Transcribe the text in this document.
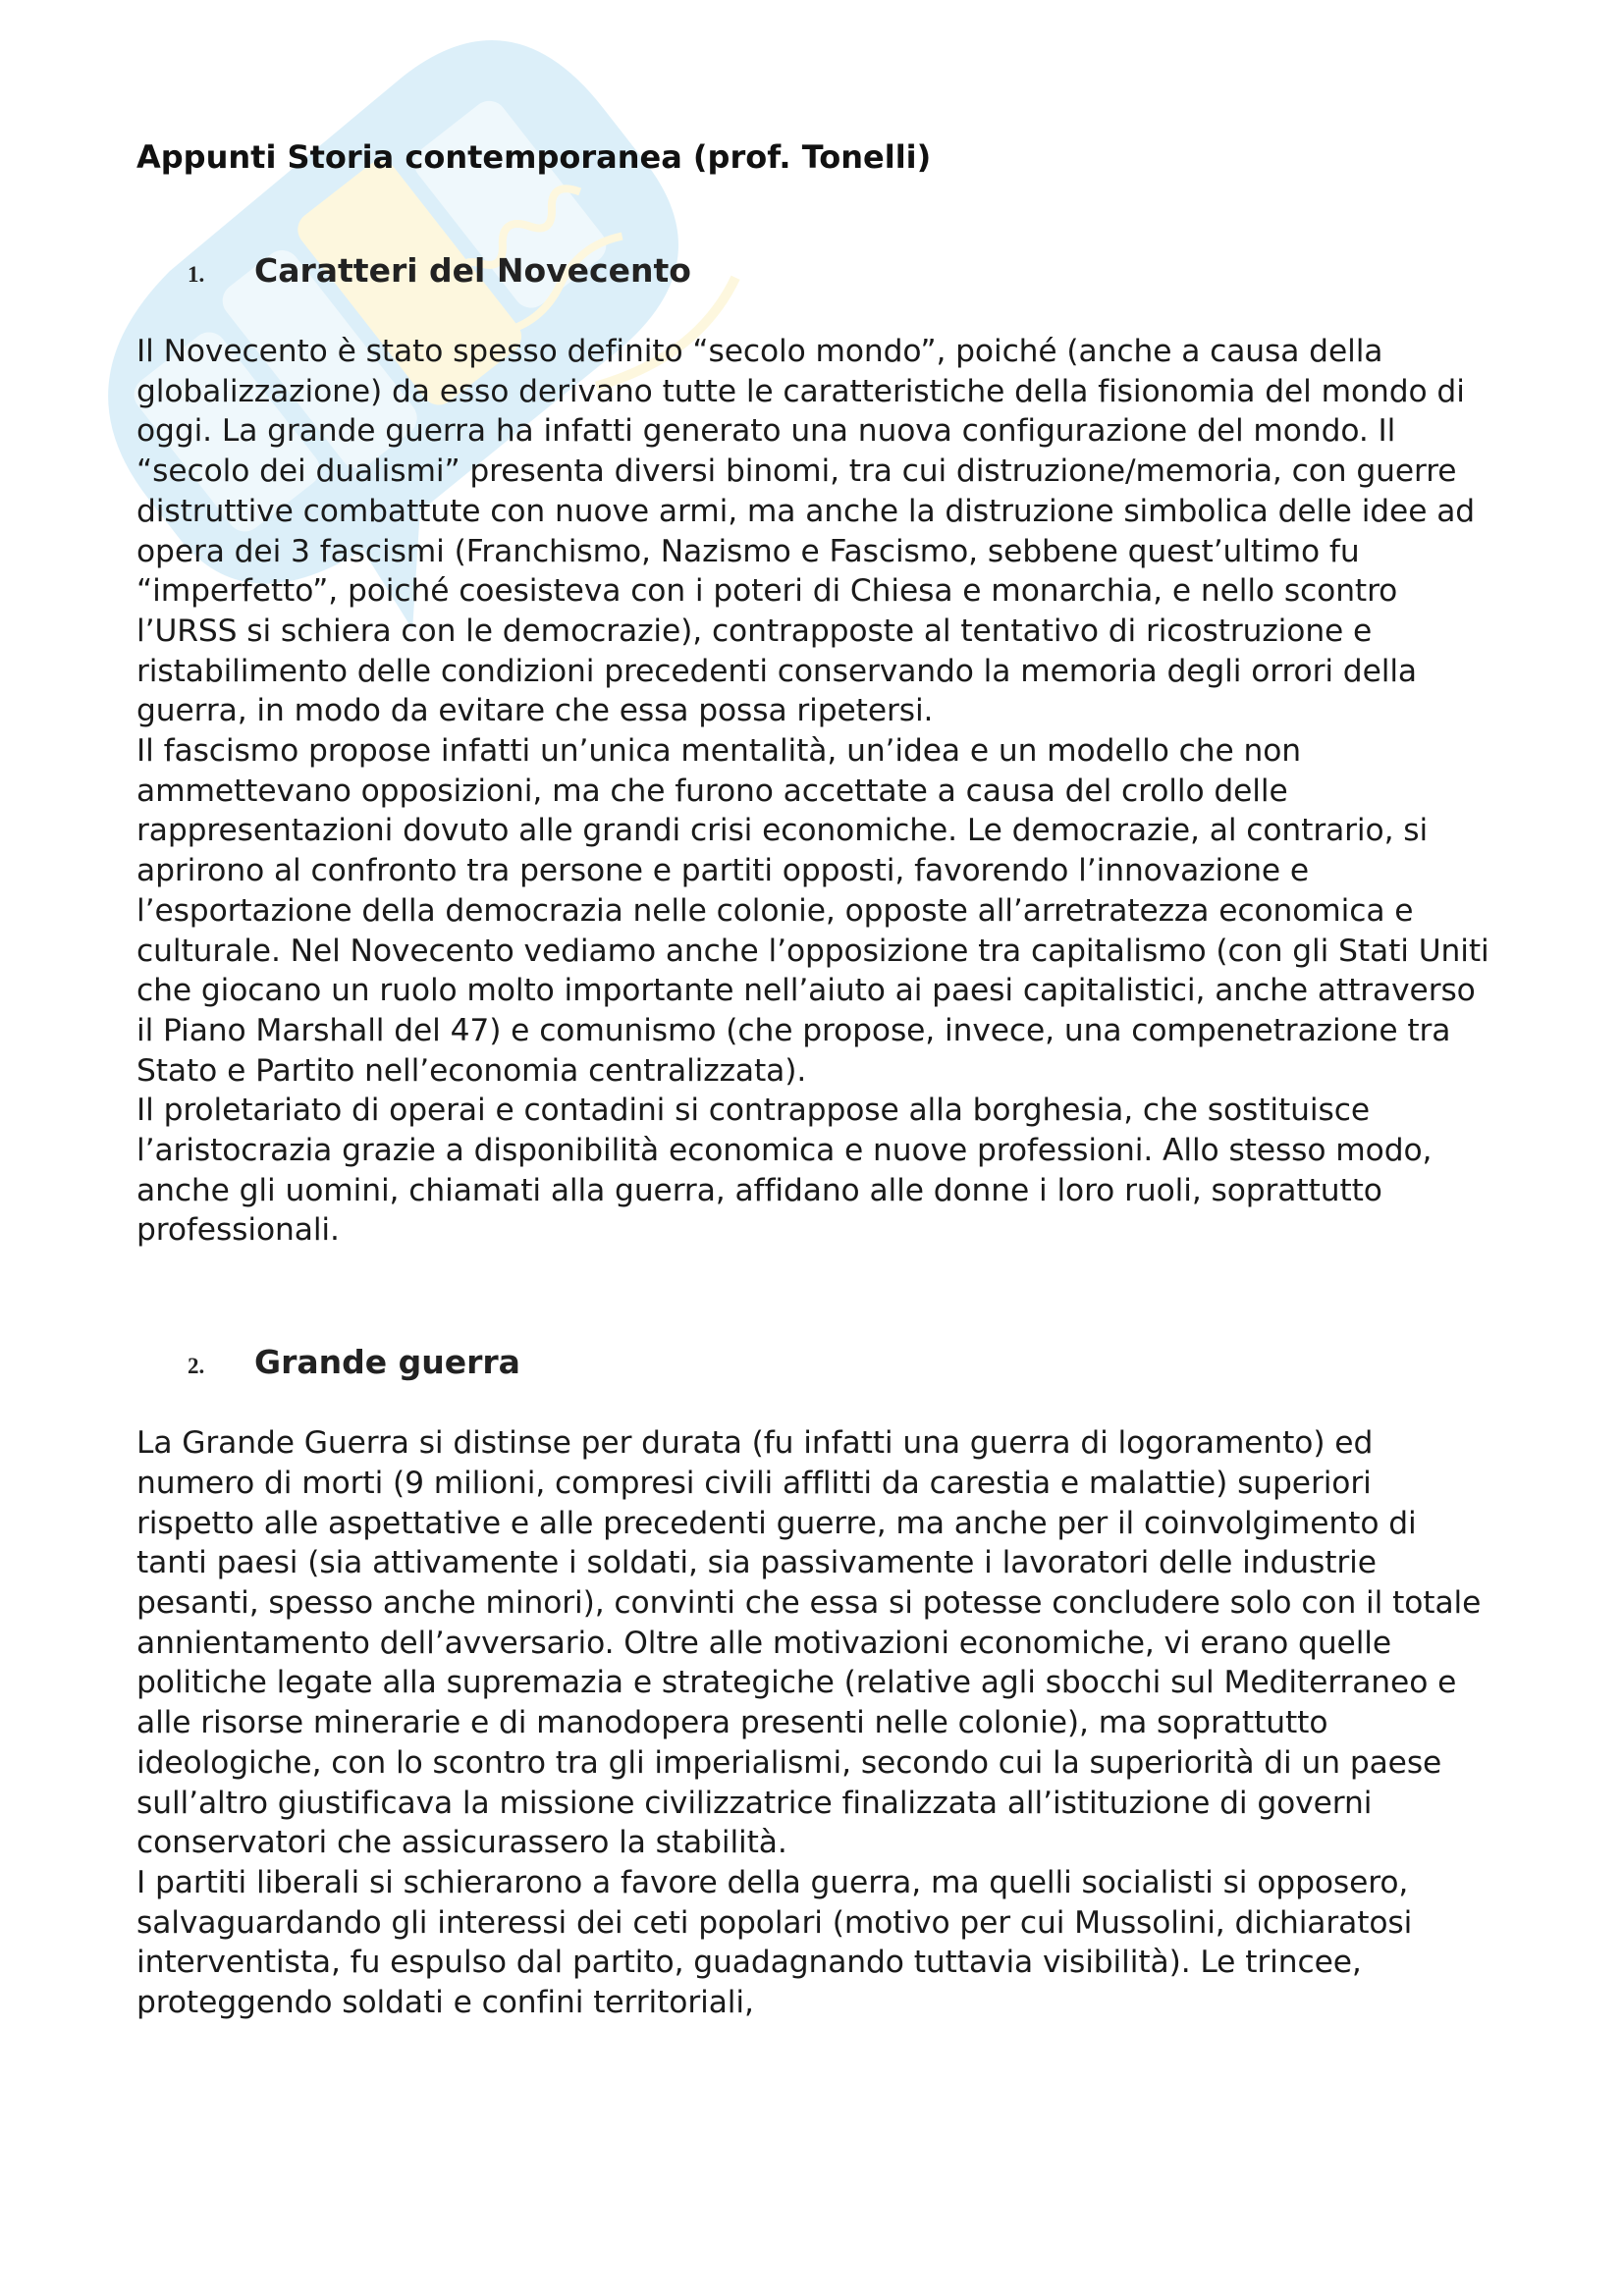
Appunti Storia contemporanea (prof. Tonelli)
1.	Caratteri del Novecento
Il Novecento è stato spesso definito “secolo mondo”, poiché (anche a causa della globalizzazione) da esso derivano tutte le caratteristiche della fisionomia del mondo di oggi. La grande guerra ha infatti generato una nuova configurazione del mondo. Il “secolo dei dualismi” presenta diversi binomi, tra cui distruzione/memoria, con guerre distruttive combattute con nuove armi, ma anche la distruzione simbolica delle idee ad opera dei 3 fascismi (Franchismo, Nazismo e Fascismo, sebbene quest’ultimo fu “imperfetto”, poiché coesisteva con i poteri di Chiesa e monarchia, e nello scontro l’URSS si schiera con le democrazie), contrapposte al tentativo di ricostruzione e ristabilimento delle condizioni precedenti conservando la memoria degli orrori della guerra, in modo da evitare che essa possa ripetersi.
Il fascismo propose infatti un’unica mentalità, un’idea e un modello che non ammettevano opposizioni, ma che furono accettate a causa del crollo delle rappresentazioni dovuto alle grandi crisi economiche. Le democrazie, al contrario, si aprirono al confronto tra persone e partiti opposti, favorendo l’innovazione e l’esportazione della democrazia nelle colonie, opposte all’arretratezza economica e culturale. Nel Novecento vediamo anche l’opposizione tra capitalismo (con gli Stati Uniti che giocano un ruolo molto importante nell’aiuto ai paesi capitalistici, anche attraverso il Piano Marshall del 47) e comunismo (che propose, invece, una compenetrazione tra Stato e Partito nell’economia centralizzata).
Il proletariato di operai e contadini si contrappose alla borghesia, che sostituisce l’aristocrazia grazie a disponibilità economica e nuove professioni. Allo stesso modo, anche gli uomini, chiamati alla guerra, affidano alle donne i loro ruoli, soprattutto professionali.
2.	Grande guerra
La Grande Guerra si distinse per durata (fu infatti una guerra di logoramento) ed numero di morti (9 milioni, compresi civili afflitti da carestia e malattie) superiori rispetto alle aspettative e alle precedenti guerre, ma anche per il coinvolgimento di tanti paesi (sia attivamente i soldati, sia passivamente i lavoratori delle industrie pesanti, spesso anche minori), convinti che essa si potesse concludere solo con il totale annientamento dell’avversario. Oltre alle motivazioni economiche, vi erano quelle politiche legate alla supremazia e strategiche (relative agli sbocchi sul Mediterraneo e alle risorse minerarie e di manodopera presenti nelle colonie), ma soprattutto ideologiche, con lo scontro tra gli imperialismi, secondo cui la superiorità di un paese sull’altro giustificava la missione civilizzatrice finalizzata all’istituzione di governi conservatori che assicurassero la stabilità.
I partiti liberali si schierarono a favore della guerra, ma quelli socialisti si opposero, salvaguardando gli interessi dei ceti popolari (motivo per cui Mussolini, dichiaratosi interventista, fu espulso dal partito, guadagnando tuttavia visibilità). Le trincee, proteggendo soldati e confini territoriali,
